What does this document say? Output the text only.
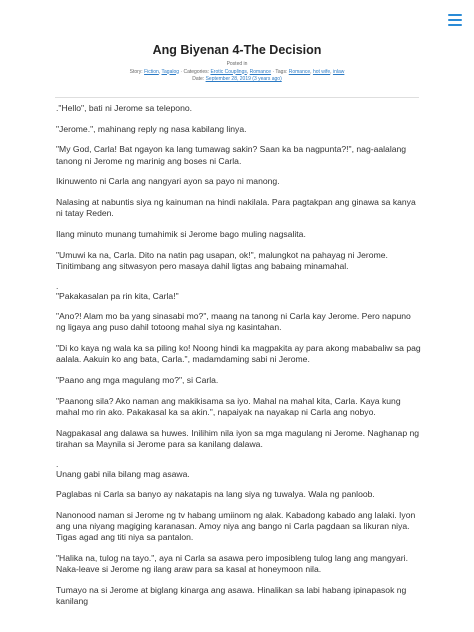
Ang Biyenan 4-The Decision
Posted in
Story: Fiction, Tagalog · Categories: Erotic Couplings, Romance · Tags: Romance, hot wife, inlaw
Date: September 28, 2019 (3 years ago)

."Hello", bati ni Jerome sa telepono.

"Jerome.", mahinang reply ng nasa kabilang linya.

"My God, Carla! Bat ngayon ka lang tumawag sakin? Saan ka ba nagpunta?!", nag-aalalang tanong ni Jerome ng marinig ang boses ni Carla.

Ikinuwento ni Carla ang nangyari ayon sa payo ni manong.

Nalasing at nabuntis siya ng kainuman na hindi nakilala. Para pagtakpan ang ginawa sa kanya ni tatay Reden.

Ilang minuto munang tumahimik si Jerome bago muling nagsalita.

"Umuwi ka na, Carla. Dito na natin pag usapan, ok!", malungkot na pahayag ni Jerome. Tinitimbang ang sitwasyon pero masaya dahil ligtas ang babaing minamahal.

.

"Pakakasalan pa rin kita, Carla!"

"Ano?! Alam mo ba yang sinasabi mo?", maang na tanong ni Carla kay Jerome. Pero napuno ng ligaya ang puso dahil totoong mahal siya ng kasintahan.

"Di ko kaya ng wala ka sa piling ko! Noong hindi ka magpakita ay para akong mababaliw sa pag aalala. Aakuin ko ang bata, Carla.", madamdaming sabi ni Jerome.

"Paano ang mga magulang mo?", si Carla.

"Paanong sila? Ako naman ang makikisama sa iyo. Mahal na mahal kita, Carla. Kaya kung mahal mo rin ako. Pakakasal ka sa akin.", napaiyak na nayakap ni Carla ang nobyo.

Nagpakasal ang dalawa sa huwes. Inilihim nila iyon sa mga magulang ni Jerome. Naghanap ng tirahan sa Maynila si Jerome para sa kanilang dalawa.

.

Unang gabi nila bilang mag asawa.

Paglabas ni Carla sa banyo ay nakatapis na lang siya ng tuwalya. Wala ng panloob.

Nanonood naman si Jerome ng tv habang umiinom ng alak. Kabadong kabado ang lalaki. Iyon ang una niyang magiging karanasan. Amoy niya ang bango ni Carla pagdaan sa likuran niya. Tigas agad ang titi niya sa pantalon.

"Halika na, tulog na tayo.", aya ni Carla sa asawa pero imposibleng tulog lang ang mangyari. Naka-leave si Jerome ng ilang araw para sa kasal at honeymoon nila.

Tumayo na si Jerome at biglang kinarga ang asawa. Hinalikan sa labi habang ipinapasok ng kanilang
